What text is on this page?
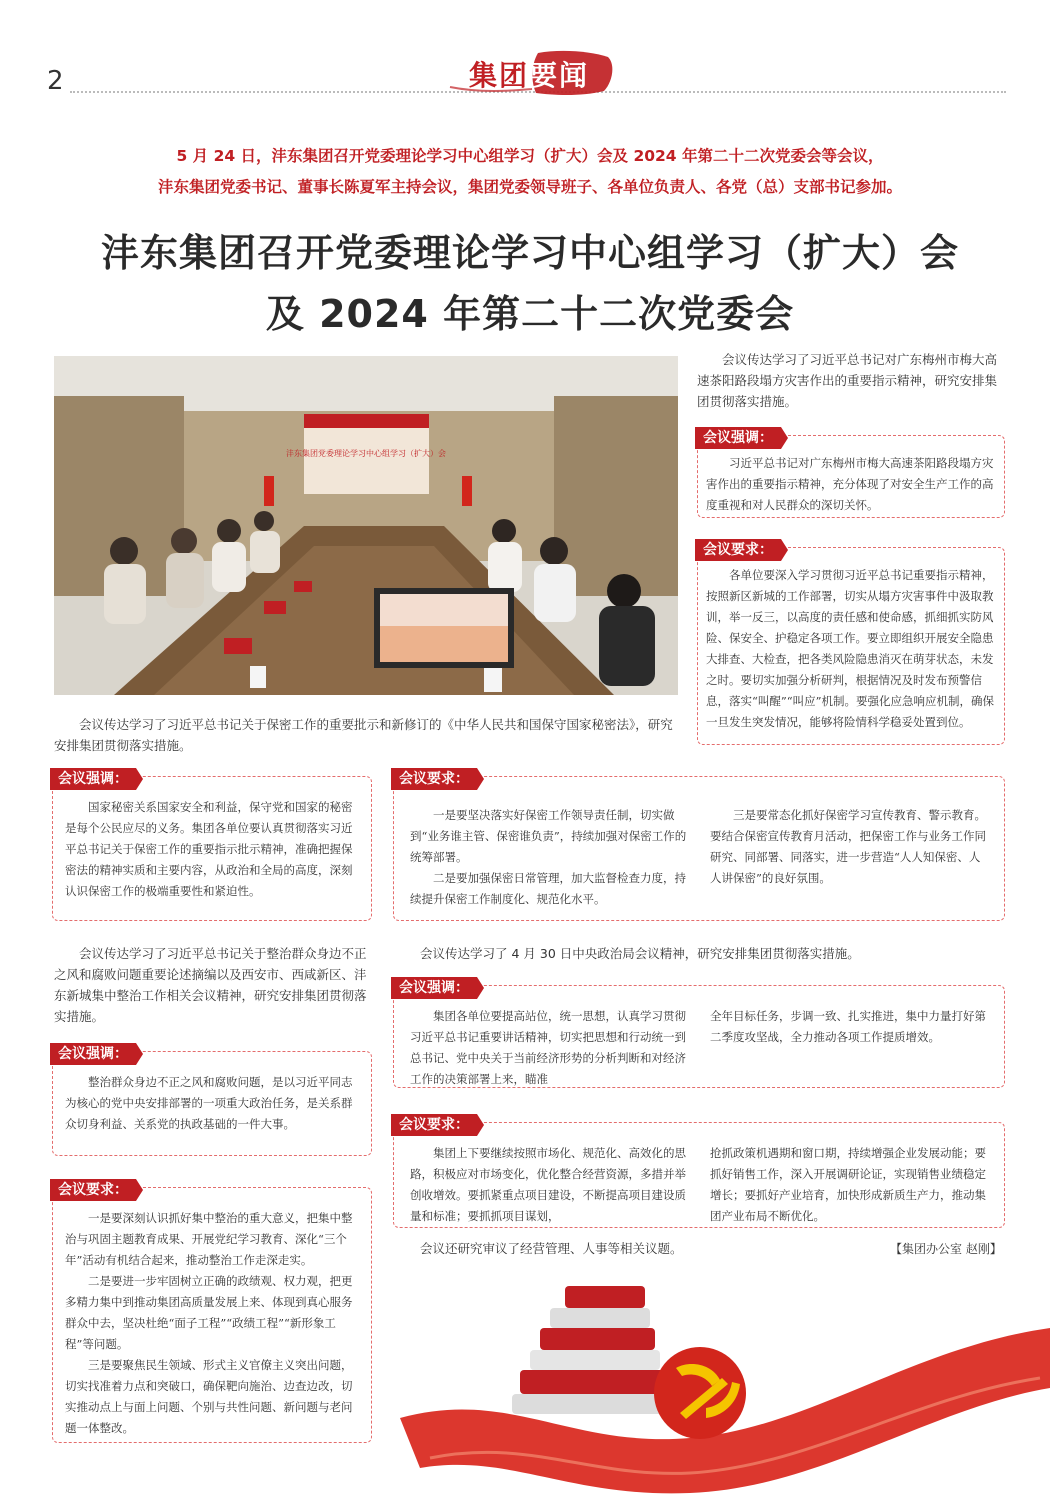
2	集团要闻
5 月 24 日，沣东集团召开党委理论学习中心组学习（扩大）会及 2024 年第二十二次党委会等会议，
沣东集团党委书记、董事长陈夏军主持会议，集团党委领导班子、各单位负责人、各党（总）支部书记参加。
沣东集团召开党委理论学习中心组学习（扩大）会
及 2024 年第二十二次党委会
沣东集团党委理论学习中心组学习（扩大）会
会议传达学习了习近平总书记关于保密工作的重要批示和新修订的《中华人民共和国保守国家秘密法》，研究安排集团贯彻落实措施。
会议传达学习了习近平总书记对广东梅州市梅大高速茶阳路段塌方灾害作出的重要指示精神，研究安排集团贯彻落实措施。
习近平总书记对广东梅州市梅大高速茶阳路段塌方灾害作出的重要指示精神，充分体现了对安全生产工作的高度重视和对人民群众的深切关怀。
会议强调：
各单位要深入学习贯彻习近平总书记重要指示精神，按照新区新城的工作部署，切实从塌方灾害事件中汲取教训，举一反三，以高度的责任感和使命感，抓细抓实防风险、保安全、护稳定各项工作。要立即组织开展安全隐患大排查、大检查，把各类风险隐患消灭在萌芽状态，未发之时。要切实加强分析研判，根据情况及时发布预警信息，落实“叫醒”“叫应”机制。要强化应急响应机制，确保一旦发生突发情况，能够将险情科学稳妥处置到位。
会议要求：
国家秘密关系国家安全和利益，保守党和国家的秘密是每个公民应尽的义务。集团各单位要认真贯彻落实习近平总书记关于保密工作的重要指示批示精神，准确把握保密法的精神实质和主要内容，从政治和全局的高度，深刻认识保密工作的极端重要性和紧迫性。
会议强调：
一是要坚决落实好保密工作领导责任制，切实做到“业务谁主管、保密谁负责”，持续加强对保密工作的统筹部署。
二是要加强保密日常管理，加大监督检查力度，持续提升保密工作制度化、规范化水平。
三是要常态化抓好保密学习宣传教育、警示教育。要结合保密宣传教育月活动，把保密工作与业务工作同研究、同部署、同落实，进一步营造“人人知保密、人人讲保密”的良好氛围。
会议要求：
会议传达学习了习近平总书记关于整治群众身边不正之风和腐败问题重要论述摘编以及西安市、西咸新区、沣东新城集中整治工作相关会议精神，研究安排集团贯彻落实措施。
整治群众身边不正之风和腐败问题，是以习近平同志为核心的党中央安排部署的一项重大政治任务，是关系群众切身利益、关系党的执政基础的一件大事。
会议强调：
一是要深刻认识抓好集中整治的重大意义，把集中整治与巩固主题教育成果、开展党纪学习教育、深化“三个年”活动有机结合起来，推动整治工作走深走实。
二是要进一步牢固树立正确的政绩观、权力观，把更多精力集中到推动集团高质量发展上来、体现到真心服务群众中去，坚决杜绝“面子工程”“政绩工程”“新形象工程”等问题。
三是要聚焦民生领域、形式主义官僚主义突出问题，切实找准着力点和突破口，确保靶向施治、边查边改，切实推动点上与面上问题、个别与共性问题、新问题与老问题一体整改。
会议要求：
会议传达学习了 4 月 30 日中央政治局会议精神，研究安排集团贯彻落实措施。
集团各单位要提高站位，统一思想，认真学习贯彻习近平总书记重要讲话精神，切实把思想和行动统一到总书记、党中央关于当前经济形势的分析判断和对经济工作的决策部署上来，瞄准
全年目标任务，步调一致、扎实推进，集中力量打好第二季度攻坚战，全力推动各项工作提质增效。
会议强调：
集团上下要继续按照市场化、规范化、高效化的思路，积极应对市场变化，优化整合经营资源，多措并举创收增效。要抓紧重点项目建设，不断提高项目建设质量和标准；要抓抓项目谋划，
抢抓政策机遇期和窗口期，持续增强企业发展动能；要抓好销售工作，深入开展调研论证，实现销售业绩稳定增长；要抓好产业培育，加快形成新质生产力，推动集团产业布局不断优化。
会议要求：
会议还研究审议了经营管理、人事等相关议题。	【集团办公室 赵刚】
